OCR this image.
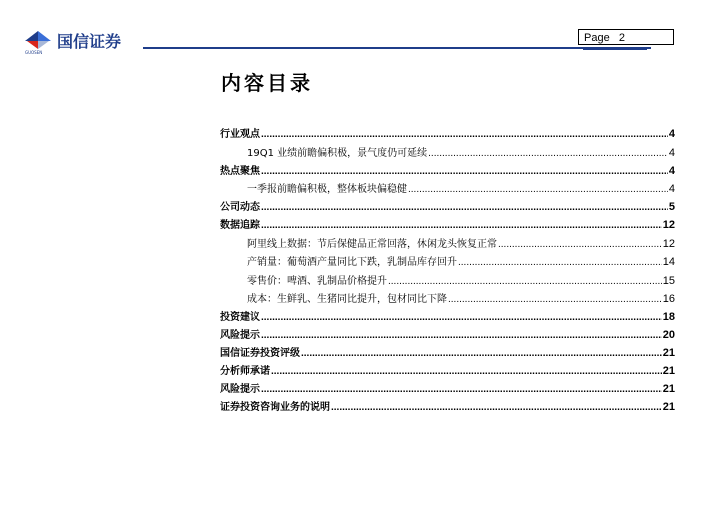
国信证券
GUOSEN
Page 2
内容目录
行业观点 .....	4
19Q1 业绩前瞻偏积极，景气度仍可延续 .....	4
热点聚焦 .....	4
一季报前瞻偏积极，整体板块偏稳健 .....	4
公司动态 .....	5
数据追踪 .....	12
阿里线上数据：节后保健品正常回落，休闲龙头恢复正常 .....	12
产销量：葡萄酒产量同比下跌，乳制品库存回升 .....	14
零售价：啤酒、乳制品价格提升 .....	15
成本：生鲜乳、生猪同比提升，包材同比下降 .....	16
投资建议 .....	18
风险提示 .....	20
国信证券投资评级 .....	21
分析师承诺 .....	21
风险提示 .....	21
证券投资咨询业务的说明 .....	21
